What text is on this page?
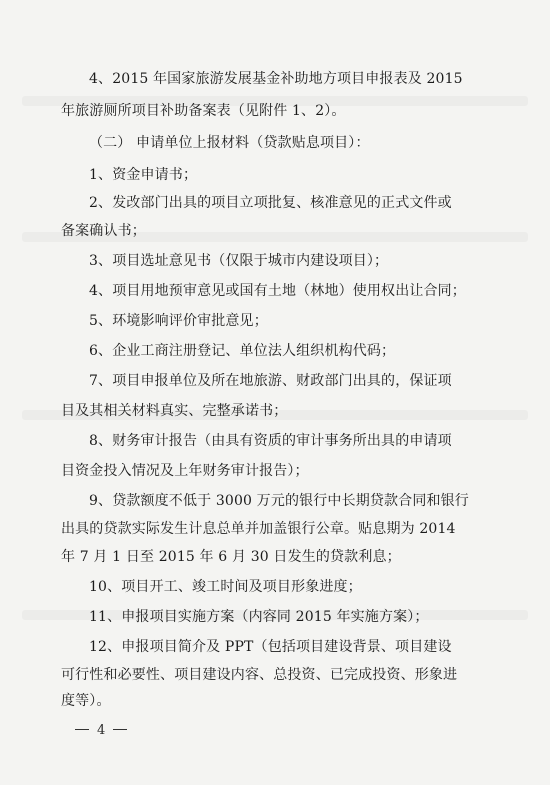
4、2015 年国家旅游发展基金补助地方项目申报表及 2015
年旅游厕所项目补助备案表（见附件 1、2）。
（二） 申请单位上报材料（贷款贴息项目）：
1、资金申请书；
2、发改部门出具的项目立项批复、核准意见的正式文件或
备案确认书；
3、项目选址意见书（仅限于城市内建设项目）；
4、项目用地预审意见或国有土地（林地）使用权出让合同；
5、环境影响评价审批意见；
6、企业工商注册登记、单位法人组织机构代码；
7、项目申报单位及所在地旅游、财政部门出具的，保证项
目及其相关材料真实、完整承诺书；
8、财务审计报告（由具有资质的审计事务所出具的申请项
目资金投入情况及上年财务审计报告）；
9、贷款额度不低于 3000 万元的银行中长期贷款合同和银行
出具的贷款实际发生计息总单并加盖银行公章。贴息期为 2014
年 7 月 1 日至 2015 年 6 月 30 日发生的贷款利息；
10、项目开工、竣工时间及项目形象进度；
11、申报项目实施方案（内容同 2015 年实施方案）；
12、申报项目简介及 PPT（包括项目建设背景、项目建设
可行性和必要性、项目建设内容、总投资、已完成投资、形象进
度等）。
4
